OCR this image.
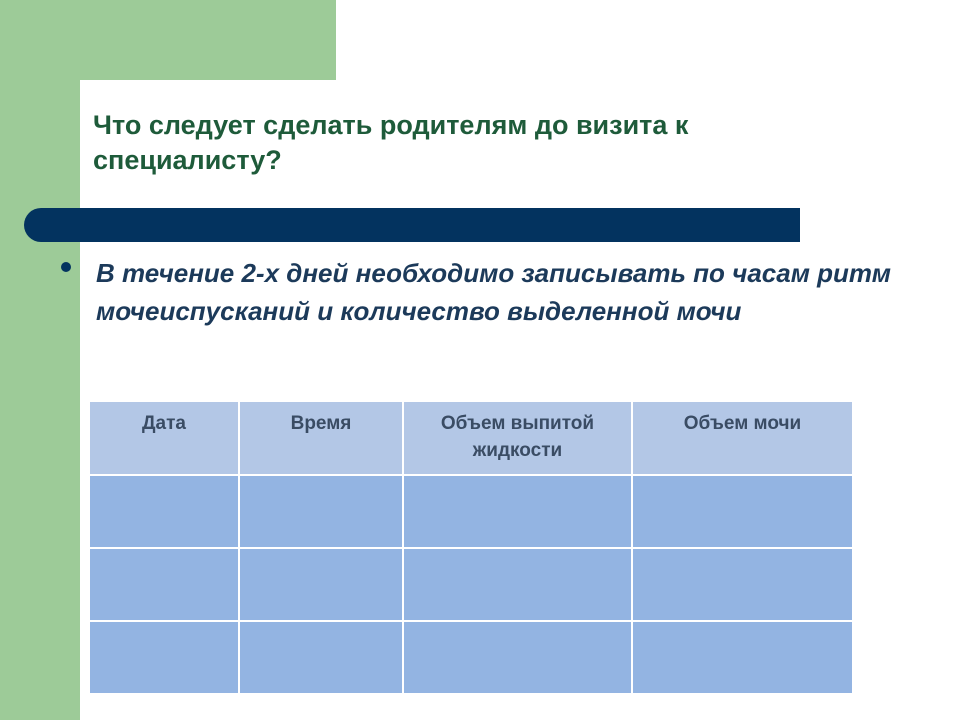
Что следует сделать родителям до визита к специалисту?

В течение 2-х дней необходимо записывать по часам ритм мочеиспусканий и количество выделенной мочи

Дата	Время	Объем выпитой жидкости	Объем мочи
